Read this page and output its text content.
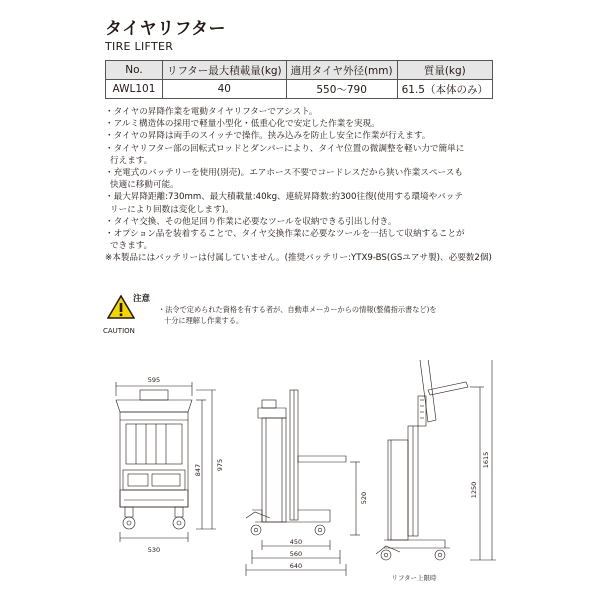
タイヤリフター
TIRE LIFTER
No.	リフター最大積載量(kg)	適用タイヤ外径(mm)	質量(kg)
AWL101	40	550〜790	61.5（本体のみ）
・タイヤの昇降作業を電動タイヤリフターでアシスト。
・アルミ構造体の採用で軽量小型化・低重心化で安定した作業を実現。
・タイヤの昇降は両手のスイッチで操作。挟み込みを防止し安全に作業が行えます。
・タイヤリフター部の回転式ロッドとダンパーにより、タイヤ位置の微調整を軽い力で簡単に
行えます。
・充電式のバッテリーを使用(別売)。エアホース不要でコードレスだから狭い作業スペースも
快適に移動可能。
・最大昇降距離:730mm、最大積載量:40kg、連続昇降数:約300往復(使用する環境やバッテ
リーにより回数は変化します)。
・タイヤ交換、その他足回り作業に必要なツールを収納できる引出し付き。
・オプション品を装着することで、タイヤ交換作業に必要なツールを一括して収納することが
できます。
※本製品にはバッテリーは付属していません。(推奨バッテリー:YTX9-BS(GSユアサ製)、必要数2個)
注意
CAUTION
・法令で定められた資格を有する者が、自動車メーカーからの情報(整備指示書など)を
十分に理解し作業する。
595
530
847 975
520
450
560
640
1250
1615
リフター上限時
